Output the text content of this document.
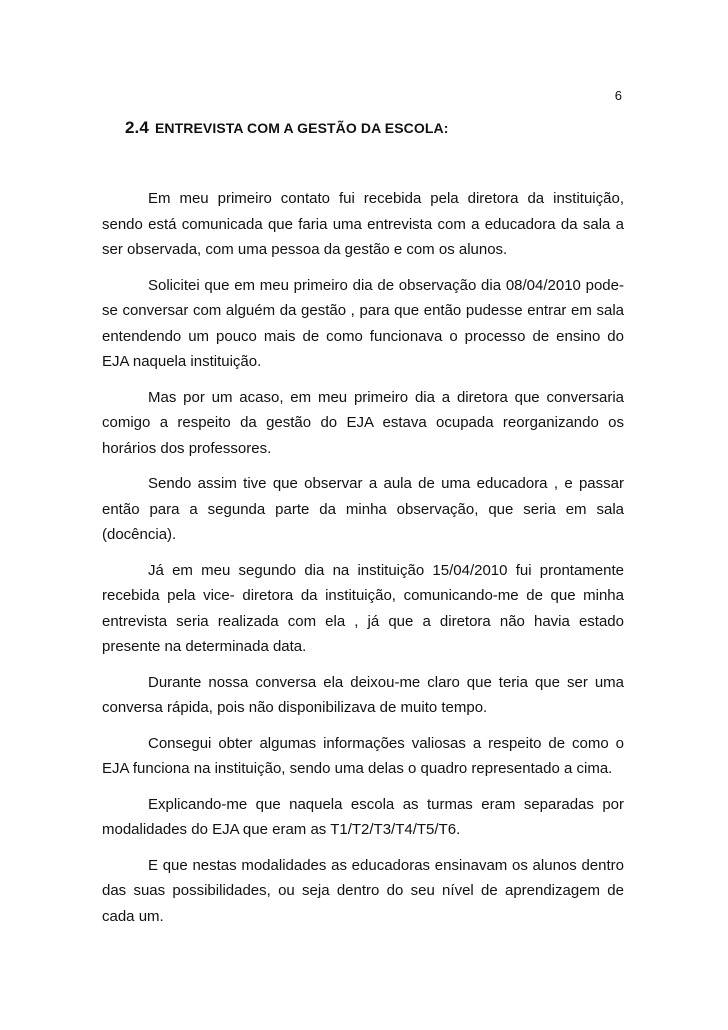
6
2.4 ENTREVISTA COM A GESTÃO DA ESCOLA:

Em meu primeiro contato fui recebida pela diretora da instituição, sendo está comunicada que faria uma entrevista com a educadora da sala a ser observada, com uma pessoa da gestão e com os alunos.

Solicitei que em meu primeiro dia de observação dia 08/04/2010 pode-se conversar com alguém da gestão , para que então pudesse entrar em sala entendendo um pouco mais de como funcionava o processo de ensino do EJA naquela instituição.

Mas por um acaso, em meu primeiro dia a diretora que conversaria comigo a respeito da gestão do EJA estava ocupada reorganizando os horários dos professores.

Sendo assim tive que observar a aula de uma educadora , e passar então para a segunda parte da minha observação, que seria em sala (docência).

Já em meu segundo dia na instituição 15/04/2010 fui prontamente recebida pela vice- diretora da instituição, comunicando-me de que minha entrevista seria realizada com ela , já que a diretora não havia estado presente na determinada data.

Durante nossa conversa ela deixou-me claro que teria que ser uma conversa rápida, pois não disponibilizava de muito tempo.

Consegui obter algumas informações valiosas a respeito de como o EJA funciona na instituição, sendo uma delas o quadro representado a cima.

Explicando-me que naquela escola as turmas eram separadas por modalidades do EJA que eram as T1/T2/T3/T4/T5/T6.

E que nestas modalidades as educadoras ensinavam os alunos dentro das suas possibilidades, ou seja dentro do seu nível de aprendizagem de cada um.
